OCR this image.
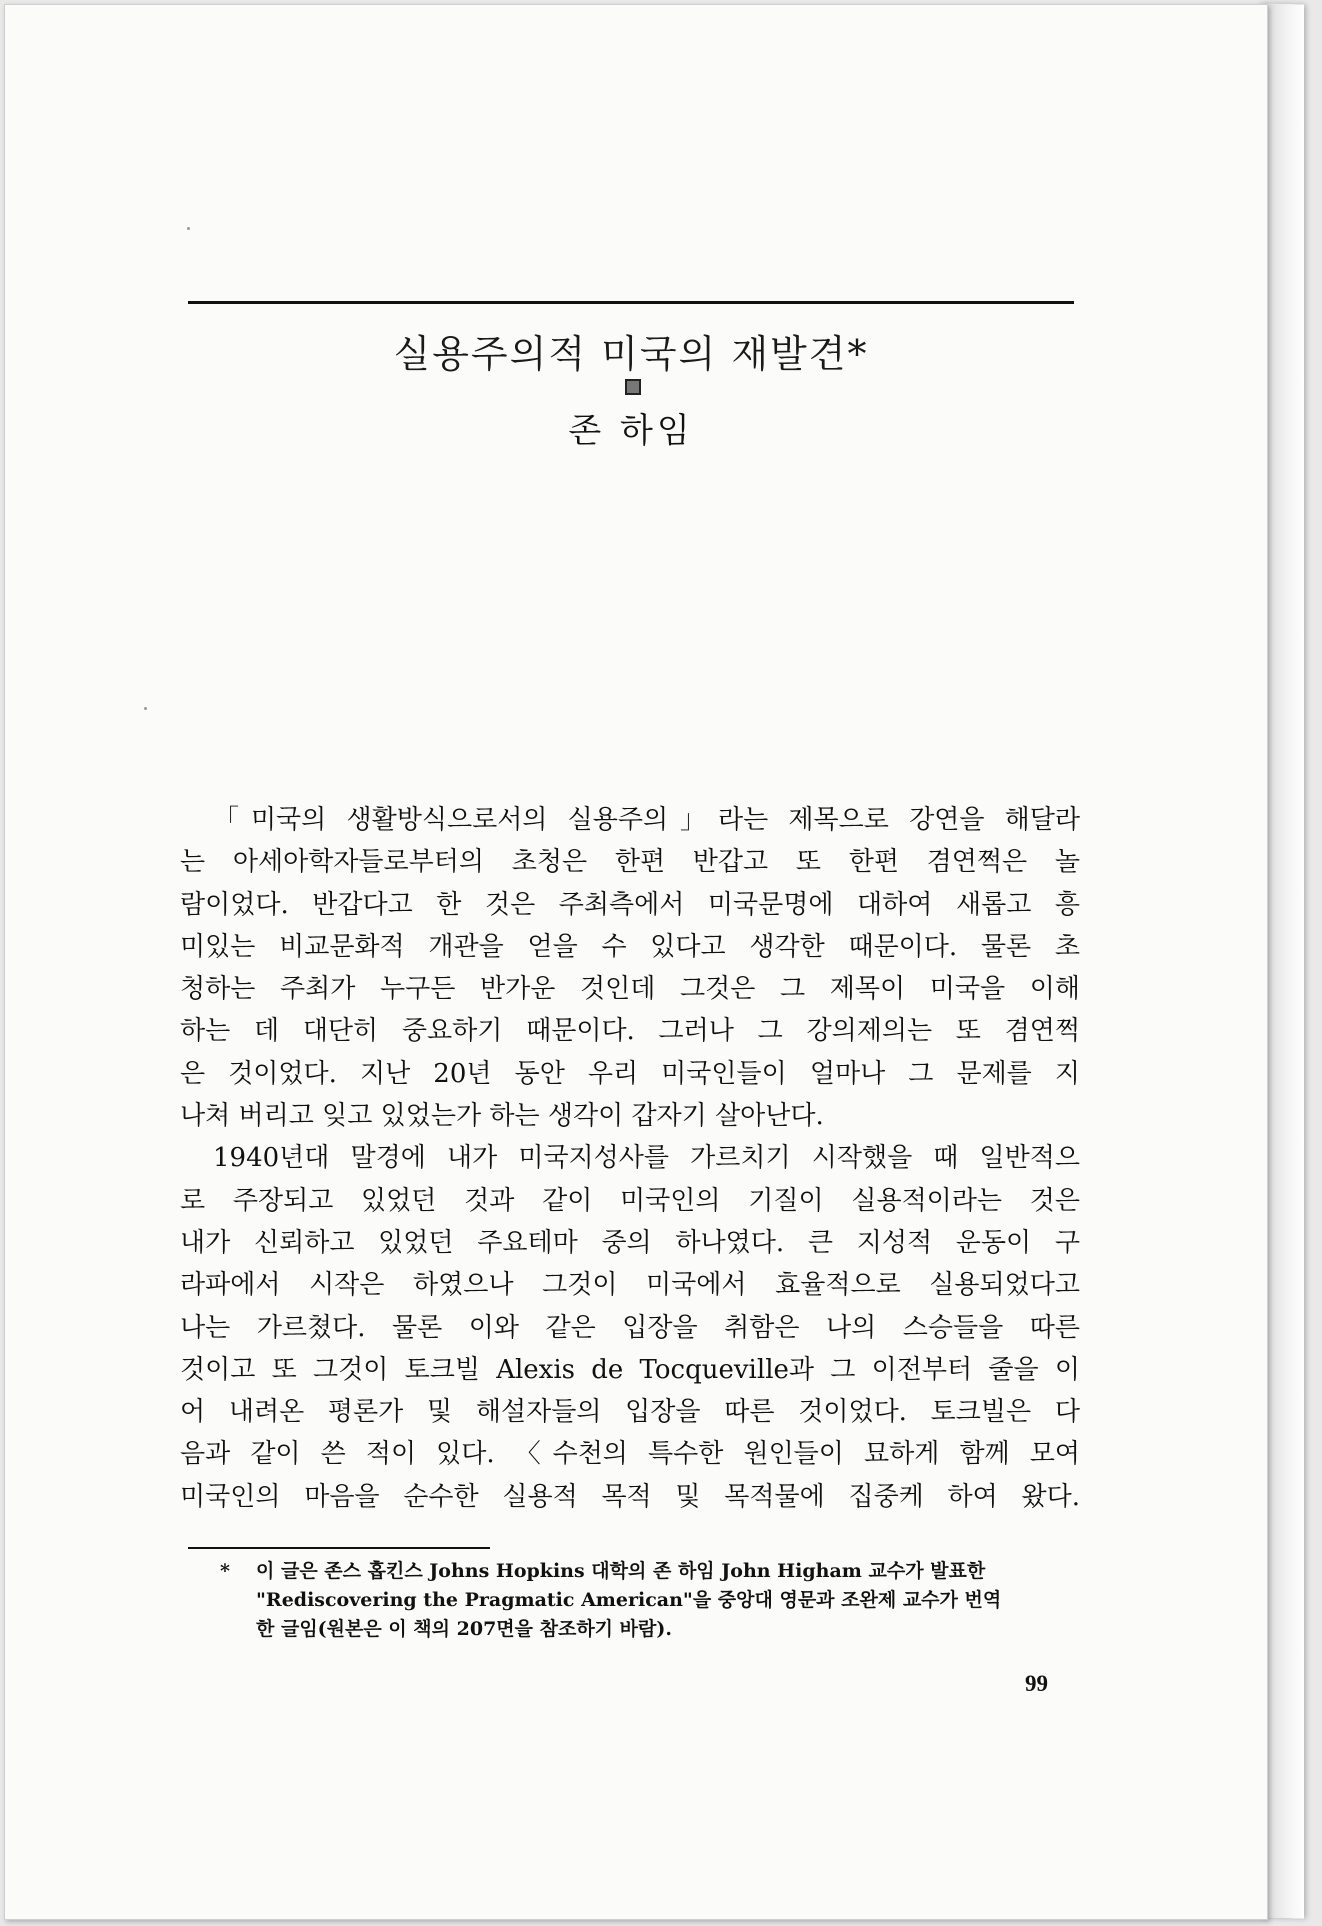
실용주의적 미국의 재발견*
존 하임
「미국의 생활방식으로서의 실용주의」라는 제목으로 강연을 해달라
는 아세아학자들로부터의 초청은 한편 반갑고 또 한편 겸연쩍은 놀
람이었다. 반갑다고 한 것은 주최측에서 미국문명에 대하여 새롭고 흥
미있는 비교문화적 개관을 얻을 수 있다고 생각한 때문이다. 물론 초
청하는 주최가 누구든 반가운 것인데 그것은 그 제목이 미국을 이해
하는 데 대단히 중요하기 때문이다. 그러나 그 강의제의는 또 겸연쩍
은 것이었다. 지난 20년 동안 우리 미국인들이 얼마나 그 문제를 지
나쳐 버리고 잊고 있었는가 하는 생각이 갑자기 살아난다.
1940년대 말경에 내가 미국지성사를 가르치기 시작했을 때 일반적으
로 주장되고 있었던 것과 같이 미국인의 기질이 실용적이라는 것은
내가 신뢰하고 있었던 주요테마 중의 하나였다. 큰 지성적 운동이 구
라파에서 시작은 하였으나 그것이 미국에서 효율적으로 실용되었다고
나는 가르쳤다. 물론 이와 같은 입장을 취함은 나의 스승들을 따른
것이고 또 그것이 토크빌 Alexis de Tocqueville과 그 이전부터 줄을 이
어 내려온 평론가 및 해설자들의 입장을 따른 것이었다. 토크빌은 다
음과 같이 쓴 적이 있다. 〈수천의 특수한 원인들이 묘하게 함께 모여
미국인의 마음을 순수한 실용적 목적 및 목적물에 집중케 하여 왔다.
* 이 글은 존스 홉킨스 Johns Hopkins 대학의 존 하임 John Higham 교수가 발표한
"Rediscovering the Pragmatic American"을 중앙대 영문과 조완제 교수가 번역
한 글임(원본은 이 책의 207면을 참조하기 바람).
99
